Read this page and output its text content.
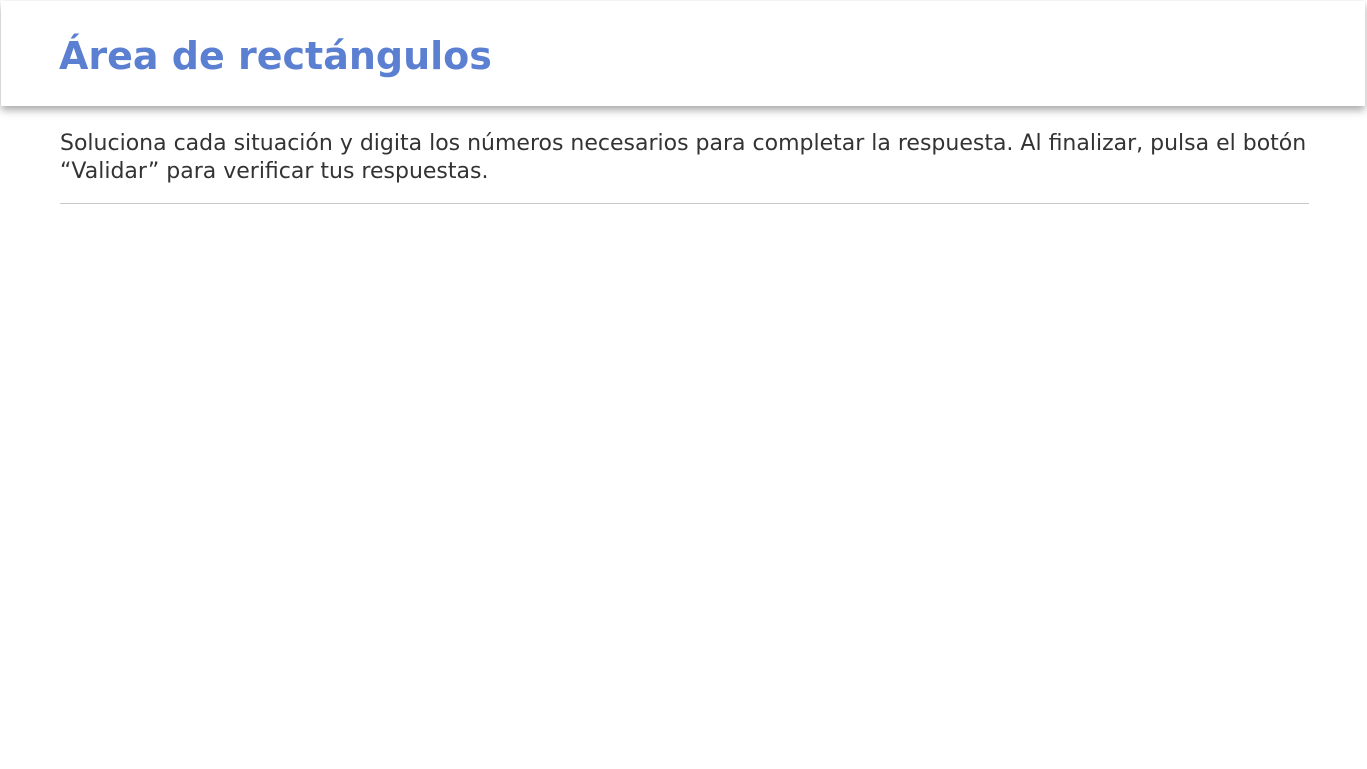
Área de rectángulos

Soluciona cada situación y digita los números necesarios para completar la respuesta. Al finalizar, pulsa el botón “Validar” para verificar tus respuestas.
